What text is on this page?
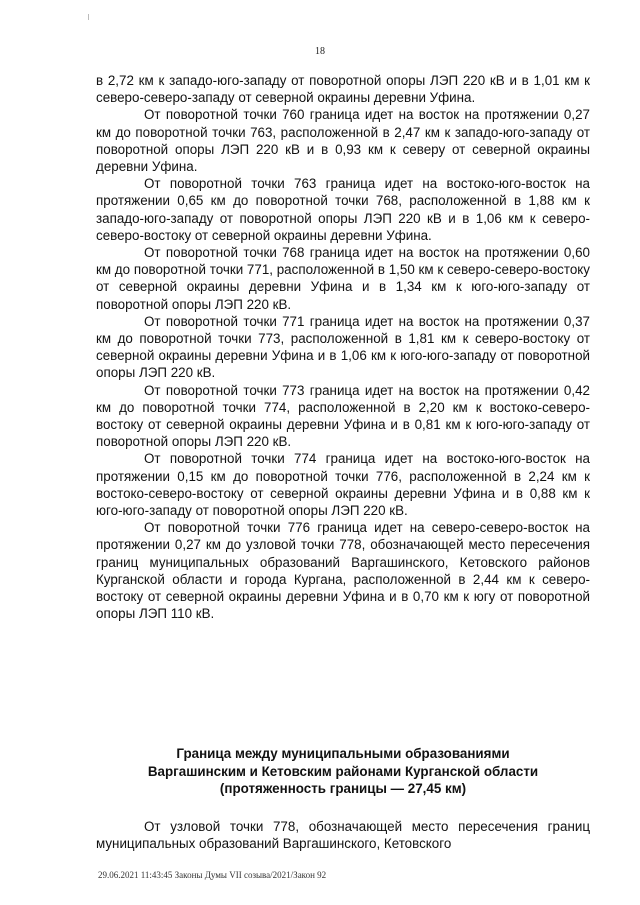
18

в 2,72 км к западо-юго-западу от поворотной опоры ЛЭП 220 кВ и в 1,01 км к северо-северо-западу от северной окраины деревни Уфина.

От поворотной точки 760 граница идет на восток на протяжении 0,27 км до поворотной точки 763, расположенной в 2,47 км к западо-юго-западу от поворотной опоры ЛЭП 220 кВ и в 0,93 км к северу от северной окраины деревни Уфина.

От поворотной точки 763 граница идет на востоко-юго-восток на протяжении 0,65 км до поворотной точки 768, расположенной в 1,88 км к западо-юго-западу от поворотной опоры ЛЭП 220 кВ и в 1,06 км к северо-северо-востоку от северной окраины деревни Уфина.

От поворотной точки 768 граница идет на восток на протяжении 0,60 км до поворотной точки 771, расположенной в 1,50 км к северо-северо-востоку от северной окраины деревни Уфина и в 1,34 км к юго-юго-западу от поворотной опоры ЛЭП 220 кВ.

От поворотной точки 771 граница идет на восток на протяжении 0,37 км до поворотной точки 773, расположенной в 1,81 км к северо-востоку от северной окраины деревни Уфина и в 1,06 км к юго-юго-западу от поворотной опоры ЛЭП 220 кВ.

От поворотной точки 773 граница идет на восток на протяжении 0,42 км до поворотной точки 774, расположенной в 2,20 км к востоко-северо-востоку от северной окраины деревни Уфина и в 0,81 км к юго-юго-западу от поворотной опоры ЛЭП 220 кВ.

От поворотной точки 774 граница идет на востоко-юго-восток на протяжении 0,15 км до поворотной точки 776, расположенной в 2,24 км к востоко-северо-востоку от северной окраины деревни Уфина и в 0,88 км к юго-юго-западу от поворотной опоры ЛЭП 220 кВ.

От поворотной точки 776 граница идет на северо-северо-восток на протяжении 0,27 км до узловой точки 778, обозначающей место пересечения границ муниципальных образований Варгашинского, Кетовского районов Курганской области и города Кургана, расположенной в 2,44 км к северо-востоку от северной окраины деревни Уфина и в 0,70 км к югу от поворотной опоры ЛЭП 110 кВ.

Граница между муниципальными образованиями
Варгашинским и Кетовским районами Курганской области
(протяженность границы — 27,45 км)

От узловой точки 778, обозначающей место пересечения границ муниципальных образований Варгашинского, Кетовского

29.06.2021 11:43:45 Законы Думы VII созыва/2021/Закон 92
